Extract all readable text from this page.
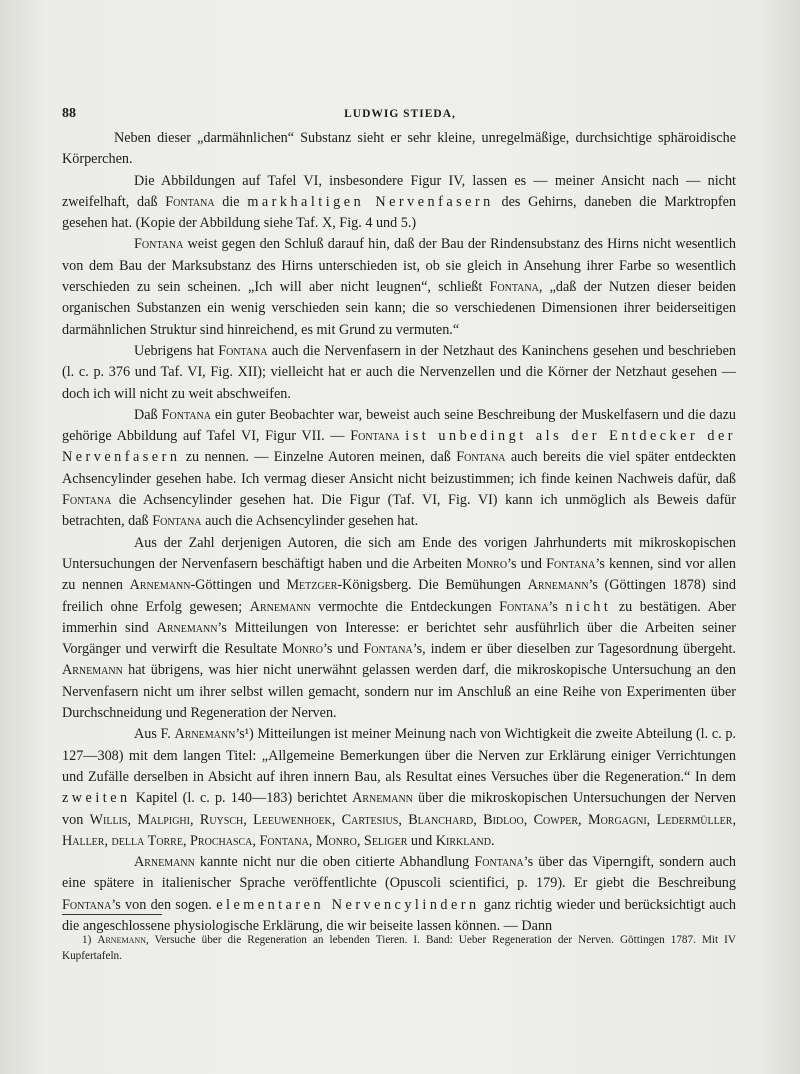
88	LUDWIG STIEDA,

Neben dieser „darmähnlichen“ Substanz sieht er sehr kleine, unregelmäßige, durchsichtige sphäroidische Körperchen.

Die Abbildungen auf Tafel VI, insbesondere Figur IV, lassen es — meiner Ansicht nach — nicht zweifelhaft, daß Fontana die markhaltigen Nervenfasern des Gehirns, daneben die Marktropfen gesehen hat. (Kopie der Abbildung siehe Taf. X, Fig. 4 und 5.)

Fontana weist gegen den Schluß darauf hin, daß der Bau der Rindensubstanz des Hirns nicht wesentlich von dem Bau der Marksubstanz des Hirns unterschieden ist, ob sie gleich in Ansehung ihrer Farbe so wesentlich verschieden zu sein scheinen. „Ich will aber nicht leugnen“, schließt Fontana, „daß der Nutzen dieser beiden organischen Substanzen ein wenig verschieden sein kann; die so verschiedenen Dimensionen ihrer beiderseitigen darmähnlichen Struktur sind hinreichend, es mit Grund zu vermuten.“

Uebrigens hat Fontana auch die Nervenfasern in der Netzhaut des Kaninchens gesehen und beschrieben (l. c. p. 376 und Taf. VI, Fig. XII); vielleicht hat er auch die Nervenzellen und die Körner der Netzhaut gesehen — doch ich will nicht zu weit abschweifen.

Daß Fontana ein guter Beobachter war, beweist auch seine Beschreibung der Muskelfasern und die dazu gehörige Abbildung auf Tafel VI, Figur VII. — Fontana ist unbedingt als der Entdecker der Nervenfasern zu nennen. — Einzelne Autoren meinen, daß Fontana auch bereits die viel später entdeckten Achsencylinder gesehen habe. Ich vermag dieser Ansicht nicht beizustimmen; ich finde keinen Nachweis dafür, daß Fontana die Achsencylinder gesehen hat. Die Figur (Taf. VI, Fig. VI) kann ich unmöglich als Beweis dafür betrachten, daß Fontana auch die Achsencylinder gesehen hat.

Aus der Zahl derjenigen Autoren, die sich am Ende des vorigen Jahrhunderts mit mikroskopischen Untersuchungen der Nervenfasern beschäftigt haben und die Arbeiten Monro’s und Fontana’s kennen, sind vor allen zu nennen Arnemann-Göttingen und Metzger-Königsberg. Die Bemühungen Arnemann’s (Göttingen 1878) sind freilich ohne Erfolg gewesen; Arnemann vermochte die Entdeckungen Fontana’s nicht zu bestätigen. Aber immerhin sind Arnemann’s Mitteilungen von Interesse: er berichtet sehr ausführlich über die Arbeiten seiner Vorgänger und verwirft die Resultate Monro’s und Fontana’s, indem er über dieselben zur Tagesordnung übergeht. Arnemann hat übrigens, was hier nicht unerwähnt gelassen werden darf, die mikroskopische Untersuchung an den Nervenfasern nicht um ihrer selbst willen gemacht, sondern nur im Anschluß an eine Reihe von Experimenten über Durchschneidung und Regeneration der Nerven.

Aus F. Arnemann’s¹) Mitteilungen ist meiner Meinung nach von Wichtigkeit die zweite Abteilung (l. c. p. 127—308) mit dem langen Titel: „Allgemeine Bemerkungen über die Nerven zur Erklärung einiger Verrichtungen und Zufälle derselben in Absicht auf ihren innern Bau, als Resultat eines Versuches über die Regeneration.“ In dem zweiten Kapitel (l. c. p. 140—183) berichtet Arnemann über die mikroskopischen Untersuchungen der Nerven von Willis, Malpighi, Ruysch, Leeuwenhoek, Cartesius, Blanchard, Bidloo, Cowper, Morgagni, Ledermüller, Haller, della Torre, Prochasca, Fontana, Monro, Seliger und Kirkland.

Arnemann kannte nicht nur die oben citierte Abhandlung Fontana’s über das Viperngift, sondern auch eine spätere in italienischer Sprache veröffentlichte (Opuscoli scientifici, p. 179). Er giebt die Beschreibung Fontana’s von den sogen. elementaren Nervencylindern ganz richtig wieder und berücksichtigt auch die angeschlossene physiologische Erklärung, die wir beiseite lassen können. — Dann

1) Arnemann, Versuche über die Regeneration an lebenden Tieren. I. Band: Ueber Regeneration der Nerven. Göttingen 1787. Mit IV Kupfertafeln.
